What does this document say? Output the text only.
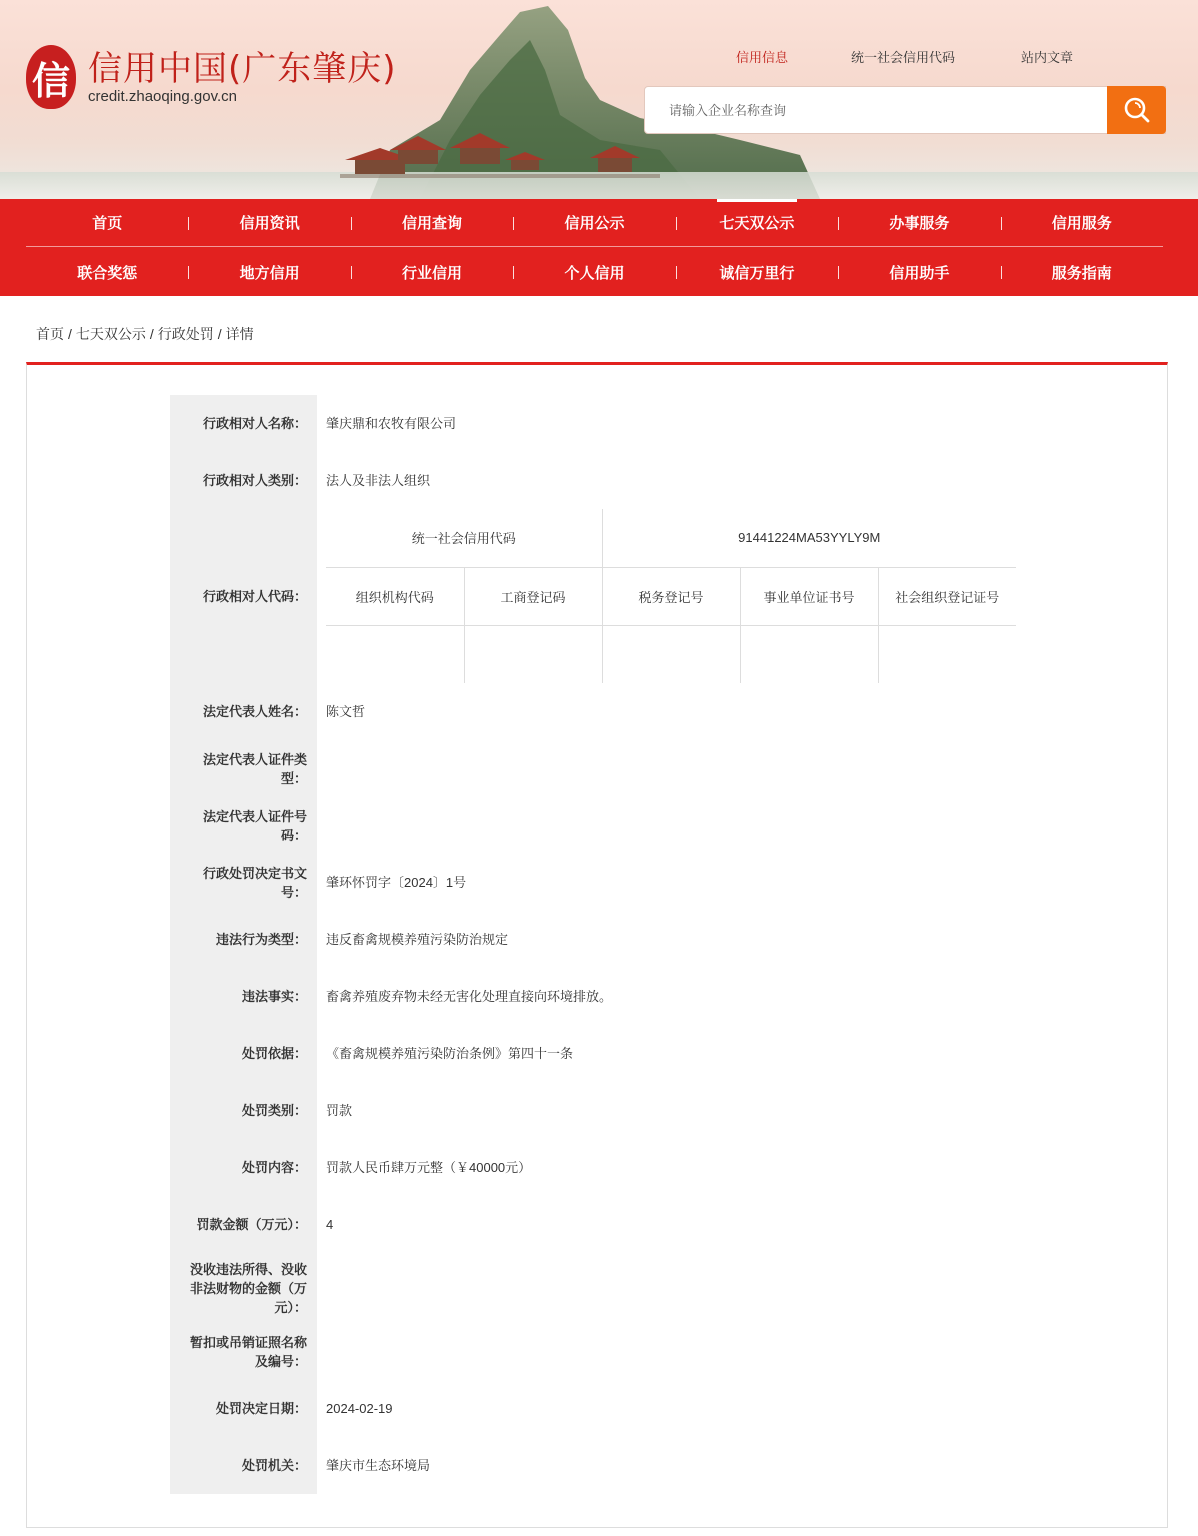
信 信用中国(广东肇庆)
credit.zhaoqing.gov.cn
信用信息	统一社会信用代码	站内文章
请输入企业名称查询
首页	信用资讯	信用查询	信用公示	七天双公示	办事服务	信用服务
联合奖惩	地方信用	行业信用	个人信用	诚信万里行	信用助手	服务指南
首页 / 七天双公示 / 行政处罚 / 详情
行政相对人名称：	肇庆鼎和农牧有限公司
行政相对人类别：	法人及非法人组织
行政相对人代码：
统一社会信用代码		91441224MA53YYLY9M		
组织机构代码	工商登记码	税务登记号	事业单位证书号	社会组织登记证号

法定代表人姓名：	陈文哲
法定代表人证件类型：
法定代表人证件号码：
行政处罚决定书文号：
肇环怀罚字〔2024〕1号
违法行为类型：	违反畜禽规模养殖污染防治规定
违法事实：	畜禽养殖废弃物未经无害化处理直接向环境排放。
处罚依据：	《畜禽规模养殖污染防治条例》第四十一条
处罚类别：	罚款
处罚内容：	罚款人民币肆万元整（￥40000元）
罚款金额（万元）：	4
没收违法所得、没收非法财物的金额（万元）：
暂扣或吊销证照名称及编号：
处罚决定日期：	2024-02-19
处罚机关：	肇庆市生态环境局
